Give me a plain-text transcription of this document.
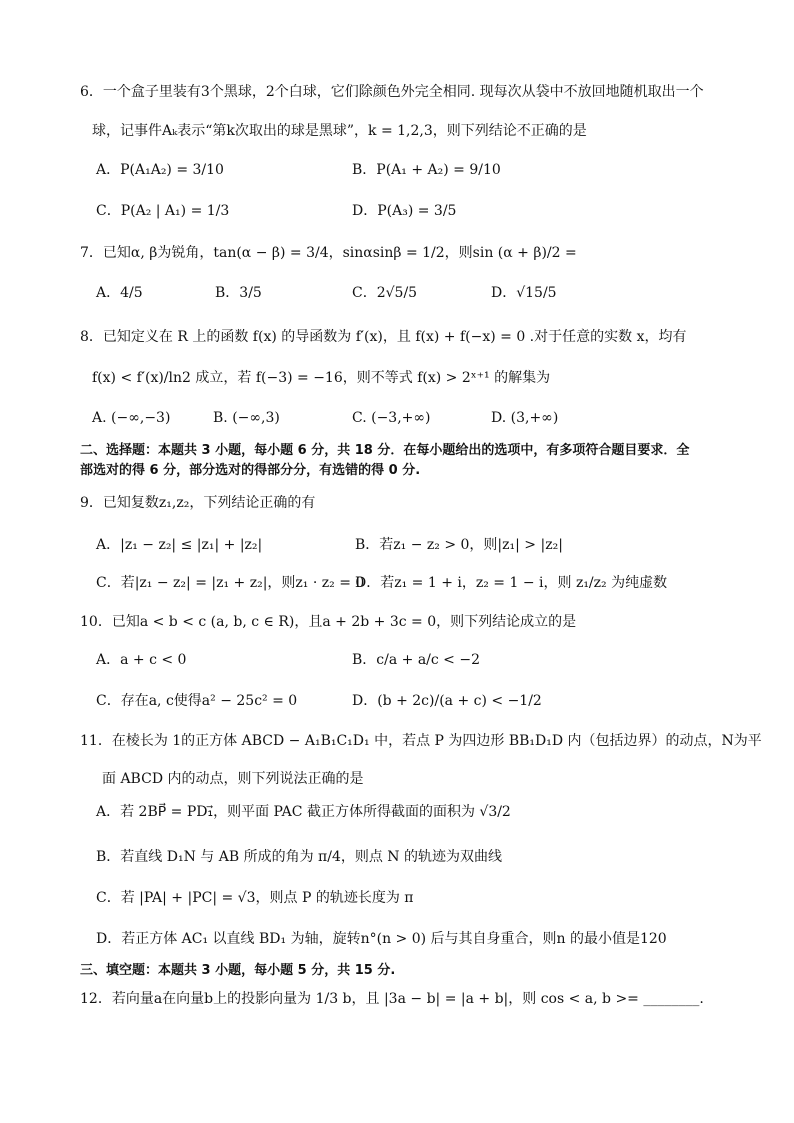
6．一个盒子里装有3个黑球，2个白球，它们除颜色外完全相同. 现每次从袋中不放回地随机取出一个
球，记事件Aₖ表示“第k次取出的球是黑球”，k = 1,2,3，则下列结论不正确的是
A．P(A₁A₂) = 3/10	B．P(A₁ + A₂) = 9/10
C．P(A₂ | A₁) = 1/3	D．P(A₃) = 3/5
7．已知α, β为锐角，tan(α − β) = 3/4，sinαsinβ = 1/2，则sin (α + β)/2 =
A．4/5	B．3/5	C．2√5/5	D．√15/5
8．已知定义在 R 上的函数 f(x) 的导函数为 f′(x)，且 f(x) + f(−x) = 0 .对于任意的实数 x，均有
f(x) < f′(x)/ln2 成立，若 f(−3) = −16，则不等式 f(x) > 2ˣ⁺¹ 的解集为
A. (−∞,−3)	B. (−∞,3)	C. (−3,+∞)	D. (3,+∞)
二、选择题：本题共 3 小题，每小题 6 分，共 18 分．在每小题给出的选项中，有多项符合题目要求．全
部选对的得 6 分，部分选对的得部分分，有选错的得 0 分.
9．已知复数z₁,z₂，下列结论正确的有
A．|z₁ − z₂| ≤ |z₁| + |z₂|	B．若z₁ − z₂ > 0，则|z₁| > |z₂|
C．若|z₁ − z₂| = |z₁ + z₂|，则z₁ · z₂ = 0
D．若z₁ = 1 + i，z₂ = 1 − i，则 z₁/z₂ 为纯虚数
10．已知a < b < c (a, b, c ∈ R)，且a + 2b + 3c = 0，则下列结论成立的是
A．a + c < 0	B．c/a + a/c < −2
C．存在a, c使得a² − 25c² = 0	D．(b + 2c)/(a + c) < −1/2
11．在棱长为 1的正方体 ABCD − A₁B₁C₁D₁ 中，若点 P 为四边形 BB₁D₁D 内（包括边界）的动点，N为平
面 ABCD 内的动点，则下列说法正确的是
A．若 2BP⃗ = PD₁⃗，则平面 PAC 截正方体所得截面的面积为 √3/2
B．若直线 D₁N 与 AB 所成的角为 π/4，则点 N 的轨迹为双曲线
C．若 |PA| + |PC| = √3，则点 P 的轨迹长度为 π
D．若正方体 AC₁ 以直线 BD₁ 为轴，旋转n°(n > 0) 后与其自身重合，则n 的最小值是120
三、填空题：本题共 3 小题，每小题 5 分，共 15 分.
12．若向量a在向量b上的投影向量为 1/3 b，且 |3a − b| = |a + b|，则 cos < a, b >= ________.
